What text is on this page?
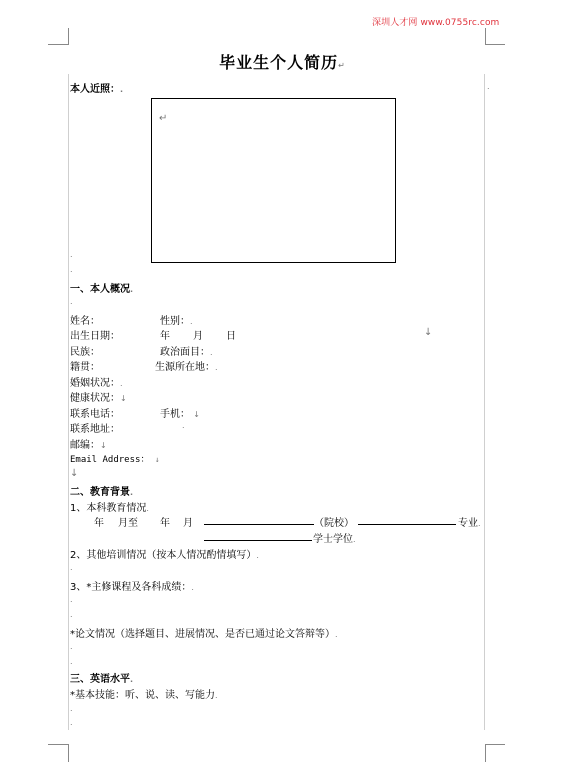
深圳人才网 www.0755rc.com
毕业生个人简历↵
本人近照：.	.
↵
.
.
一、本人概况.
.
姓名：	性别：.
出生日期：	年 月 日	↓
民族：	政治面目：.
籍贯：	生源所在地：.
婚姻状况：.
健康状况：↓
联系电话：	手机： ↓
联系地址：	.
邮编：↓
Email Address： ↓
↓
二、教育背景.
1、本科教育情况.
年 月至 年 月	（院校）	专业.
学士学位.
2、其他培训情况（按本人情况酌情填写）.
.
3、*主修课程及各科成绩：.
.
.
*论文情况（选择题目、进展情况、是否已通过论文答辩等）.
.
.
三、英语水平.
*基本技能：听、说、读、写能力.
.
.
